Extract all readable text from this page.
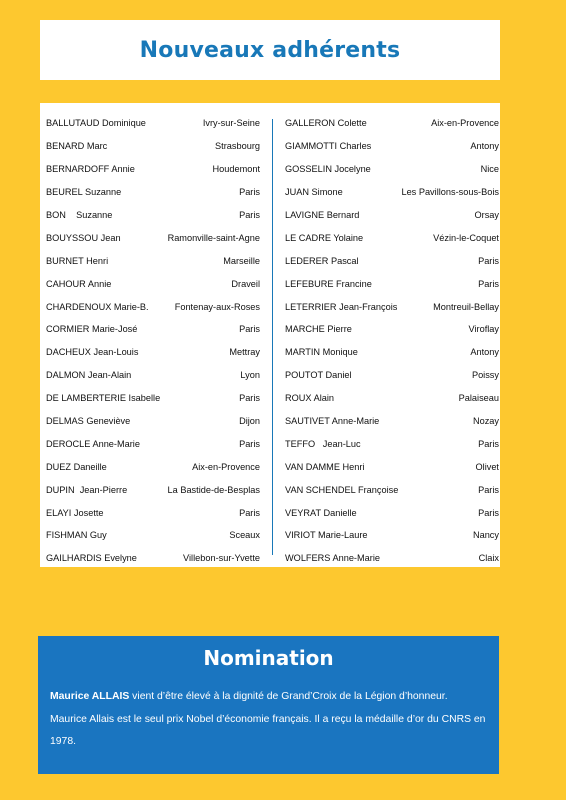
Nouveaux adhérents
BALLUTAUD Dominique	Ivry-sur-Seine
BENARD Marc	Strasbourg
BERNARDOFF Annie	Houdemont
BEUREL Suzanne	Paris
BON    Suzanne	Paris
BOUYSSOU Jean	Ramonville-saint-Agne
BURNET Henri	Marseille
CAHOUR Annie	Draveil
CHARDENOUX Marie-B.	Fontenay-aux-Roses
CORMIER Marie-José	Paris
DACHEUX Jean-Louis	Mettray
DALMON Jean-Alain	Lyon
DE LAMBERTERIE Isabelle	Paris
DELMAS Geneviève	Dijon
DEROCLE Anne-Marie	Paris
DUEZ Daneille	Aix-en-Provence
DUPIN  Jean-Pierre	La Bastide-de-Besplas
ELAYI Josette	Paris
FISHMAN Guy	Sceaux
GAILHARDIS Evelyne	Villebon-sur-Yvette
GALLERON Colette	Aix-en-Provence
GIAMMOTTI Charles	Antony
GOSSELIN Jocelyne	Nice
JUAN Simone	Les Pavillons-sous-Bois
LAVIGNE Bernard	Orsay
LE CADRE Yolaine	Vézin-le-Coquet
LEDERER Pascal	Paris
LEFEBURE Francine	Paris
LETERRIER Jean-François	Montreuil-Bellay
MARCHE Pierre	Viroflay
MARTIN Monique	Antony
POUTOT Daniel	Poissy
ROUX Alain	Palaiseau
SAUTIVET Anne-Marie	Nozay
TEFFO   Jean-Luc	Paris
VAN DAMME Henri	Olivet
VAN SCHENDEL Françoise	Paris
VEYRAT Danielle	Paris
VIRIOT Marie-Laure	Nancy
WOLFERS Anne-Marie	Claix
Nomination
Maurice ALLAIS vient d’être élevé à la dignité de Grand’Croix de la Légion d’honneur.
Maurice Allais est le seul prix Nobel d’économie français. Il a reçu la médaille d’or du CNRS en 1978.
